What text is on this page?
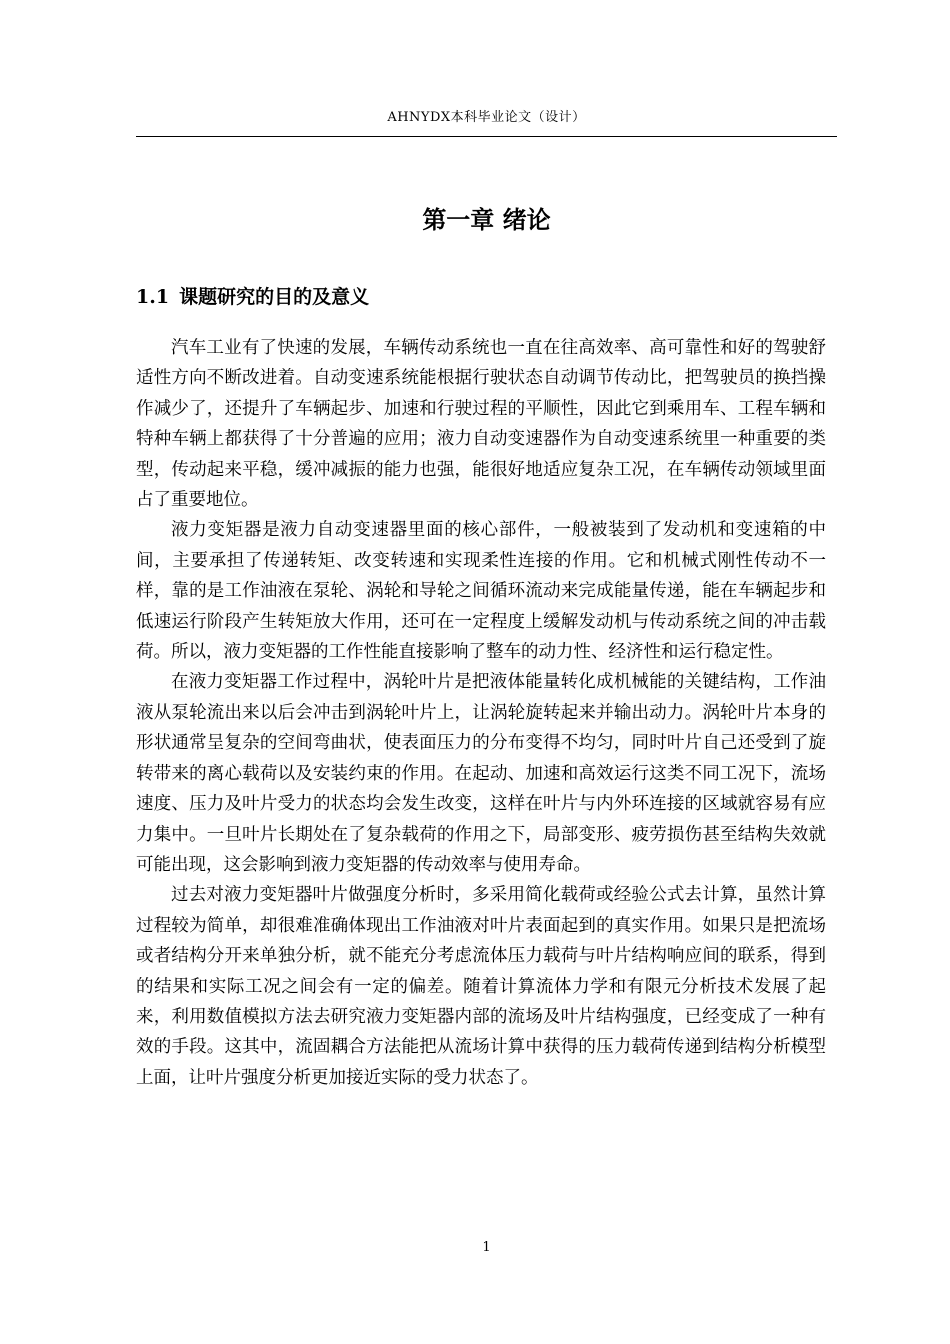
AHNYDX本科毕业论文（设计）
第一章 绪论
1.1 课题研究的目的及意义

汽车工业有了快速的发展，车辆传动系统也一直在往高效率、高可靠性和好的驾驶舒适性方向不断改进着。自动变速系统能根据行驶状态自动调节传动比，把驾驶员的换挡操作减少了，还提升了车辆起步、加速和行驶过程的平顺性，因此它到乘用车、工程车辆和特种车辆上都获得了十分普遍的应用；液力自动变速器作为自动变速系统里一种重要的类型，传动起来平稳，缓冲减振的能力也强，能很好地适应复杂工况，在车辆传动领域里面占了重要地位。

液力变矩器是液力自动变速器里面的核心部件，一般被装到了发动机和变速箱的中间，主要承担了传递转矩、改变转速和实现柔性连接的作用。它和机械式刚性传动不一样，靠的是工作油液在泵轮、涡轮和导轮之间循环流动来完成能量传递，能在车辆起步和低速运行阶段产生转矩放大作用，还可在一定程度上缓解发动机与传动系统之间的冲击载荷。所以，液力变矩器的工作性能直接影响了整车的动力性、经济性和运行稳定性。

在液力变矩器工作过程中，涡轮叶片是把液体能量转化成机械能的关键结构，工作油液从泵轮流出来以后会冲击到涡轮叶片上，让涡轮旋转起来并输出动力。涡轮叶片本身的形状通常呈复杂的空间弯曲状，使表面压力的分布变得不均匀，同时叶片自己还受到了旋转带来的离心载荷以及安装约束的作用。在起动、加速和高效运行这类不同工况下，流场速度、压力及叶片受力的状态均会发生改变，这样在叶片与内外环连接的区域就容易有应力集中。一旦叶片长期处在了复杂载荷的作用之下，局部变形、疲劳损伤甚至结构失效就可能出现，这会影响到液力变矩器的传动效率与使用寿命。

过去对液力变矩器叶片做强度分析时，多采用简化载荷或经验公式去计算，虽然计算过程较为简单，却很难准确体现出工作油液对叶片表面起到的真实作用。如果只是把流场或者结构分开来单独分析，就不能充分考虑流体压力载荷与叶片结构响应间的联系，得到的结果和实际工况之间会有一定的偏差。随着计算流体力学和有限元分析技术发展了起来，利用数值模拟方法去研究液力变矩器内部的流场及叶片结构强度，已经变成了一种有效的手段。这其中，流固耦合方法能把从流场计算中获得的压力载荷传递到结构分析模型上面，让叶片强度分析更加接近实际的受力状态了。

1
